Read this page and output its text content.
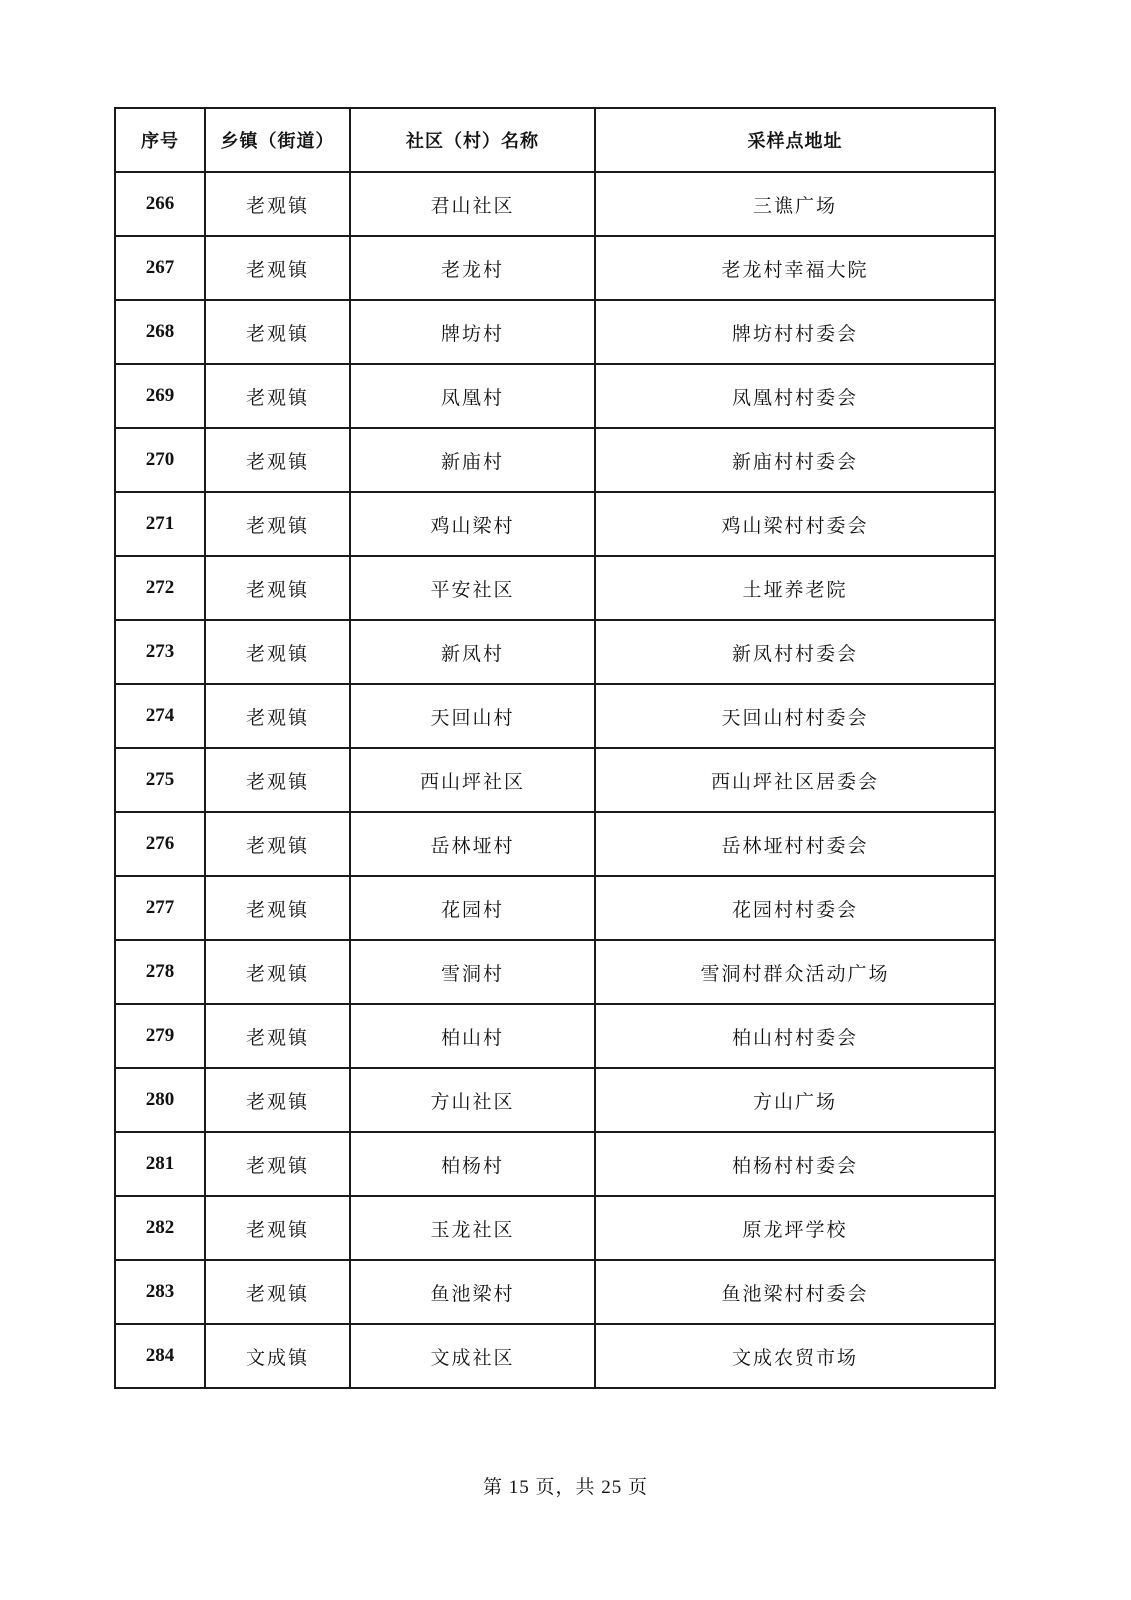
序号	乡镇（街道）	社区（村）名称	采样点地址
266	老观镇	君山社区	三谯广场
267	老观镇	老龙村	老龙村幸福大院
268	老观镇	牌坊村	牌坊村村委会
269	老观镇	凤凰村	凤凰村村委会
270	老观镇	新庙村	新庙村村委会
271	老观镇	鸡山梁村	鸡山梁村村委会
272	老观镇	平安社区	土垭养老院
273	老观镇	新凤村	新凤村村委会
274	老观镇	天回山村	天回山村村委会
275	老观镇	西山坪社区	西山坪社区居委会
276	老观镇	岳林垭村	岳林垭村村委会
277	老观镇	花园村	花园村村委会
278	老观镇	雪洞村	雪洞村群众活动广场
279	老观镇	柏山村	柏山村村委会
280	老观镇	方山社区	方山广场
281	老观镇	柏杨村	柏杨村村委会
282	老观镇	玉龙社区	原龙坪学校
283	老观镇	鱼池梁村	鱼池梁村村委会
284	文成镇	文成社区	文成农贸市场
第 15 页，共 25 页
